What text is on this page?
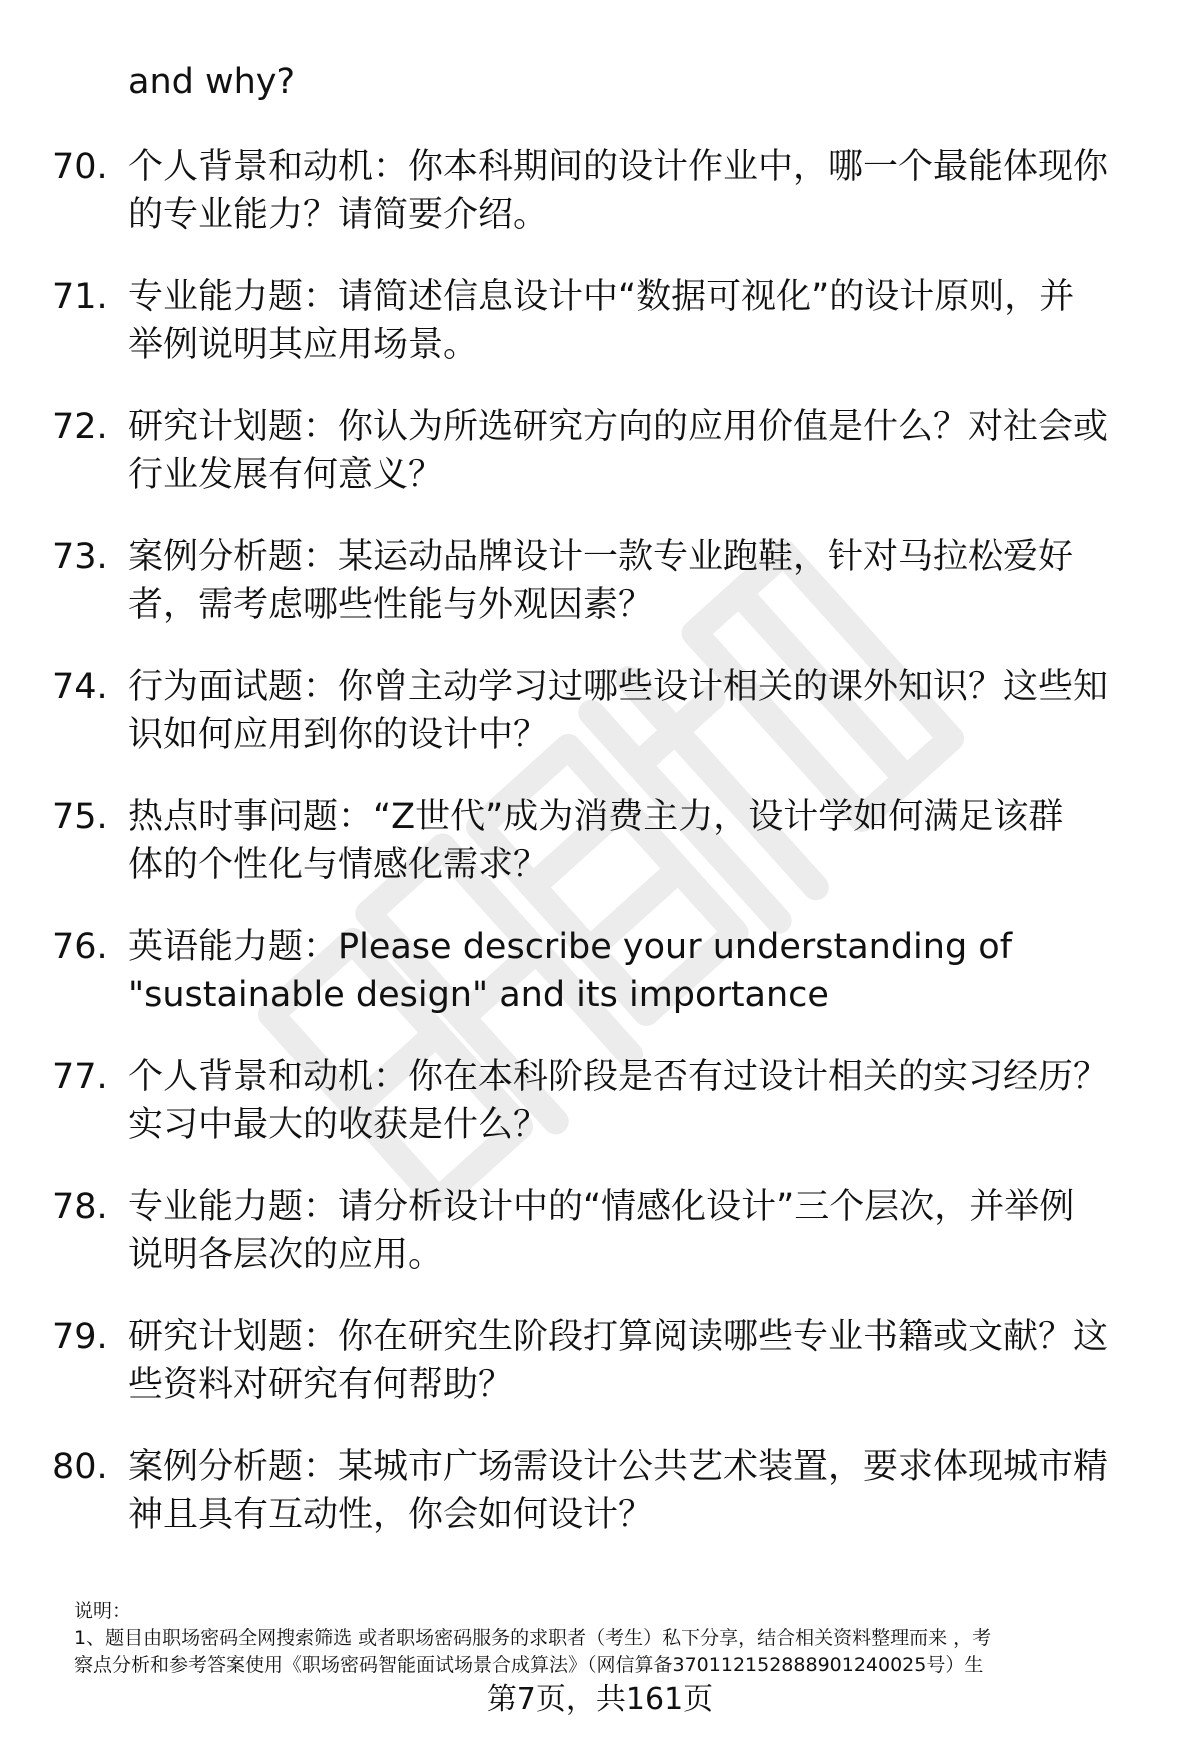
and why?
70. 个人背景和动机：你本科期间的设计作业中，哪一个最能体现你
的专业能力？请简要介绍。
71. 专业能力题：请简述信息设计中“数据可视化”的设计原则，并
举例说明其应用场景。
72. 研究计划题：你认为所选研究方向的应用价值是什么？对社会或
行业发展有何意义？
73. 案例分析题：某运动品牌设计一款专业跑鞋，针对马拉松爱好
者，需考虑哪些性能与外观因素？
74. 行为面试题：你曾主动学习过哪些设计相关的课外知识？这些知
识如何应用到你的设计中？
75. 热点时事问题：“Z世代”成为消费主力，设计学如何满足该群
体的个性化与情感化需求？
76. 英语能力题：Please describe your understanding of
"sustainable design" and its importance
77. 个人背景和动机：你在本科阶段是否有过设计相关的实习经历？
实习中最大的收获是什么？
78. 专业能力题：请分析设计中的“情感化设计”三个层次，并举例
说明各层次的应用。
79. 研究计划题：你在研究生阶段打算阅读哪些专业书籍或文献？这
些资料对研究有何帮助？
80. 案例分析题：某城市广场需设计公共艺术装置，要求体现城市精
神且具有互动性，你会如何设计？
说明：
1、题目由职场密码全网搜索筛选 或者职场密码服务的求职者（考生）私下分享，结合相关资料整理而来 ，考
察点分析和参考答案使用《职场密码智能面试场景合成算法》（网信算备370112152888901240025号）生
第7页，共161页
